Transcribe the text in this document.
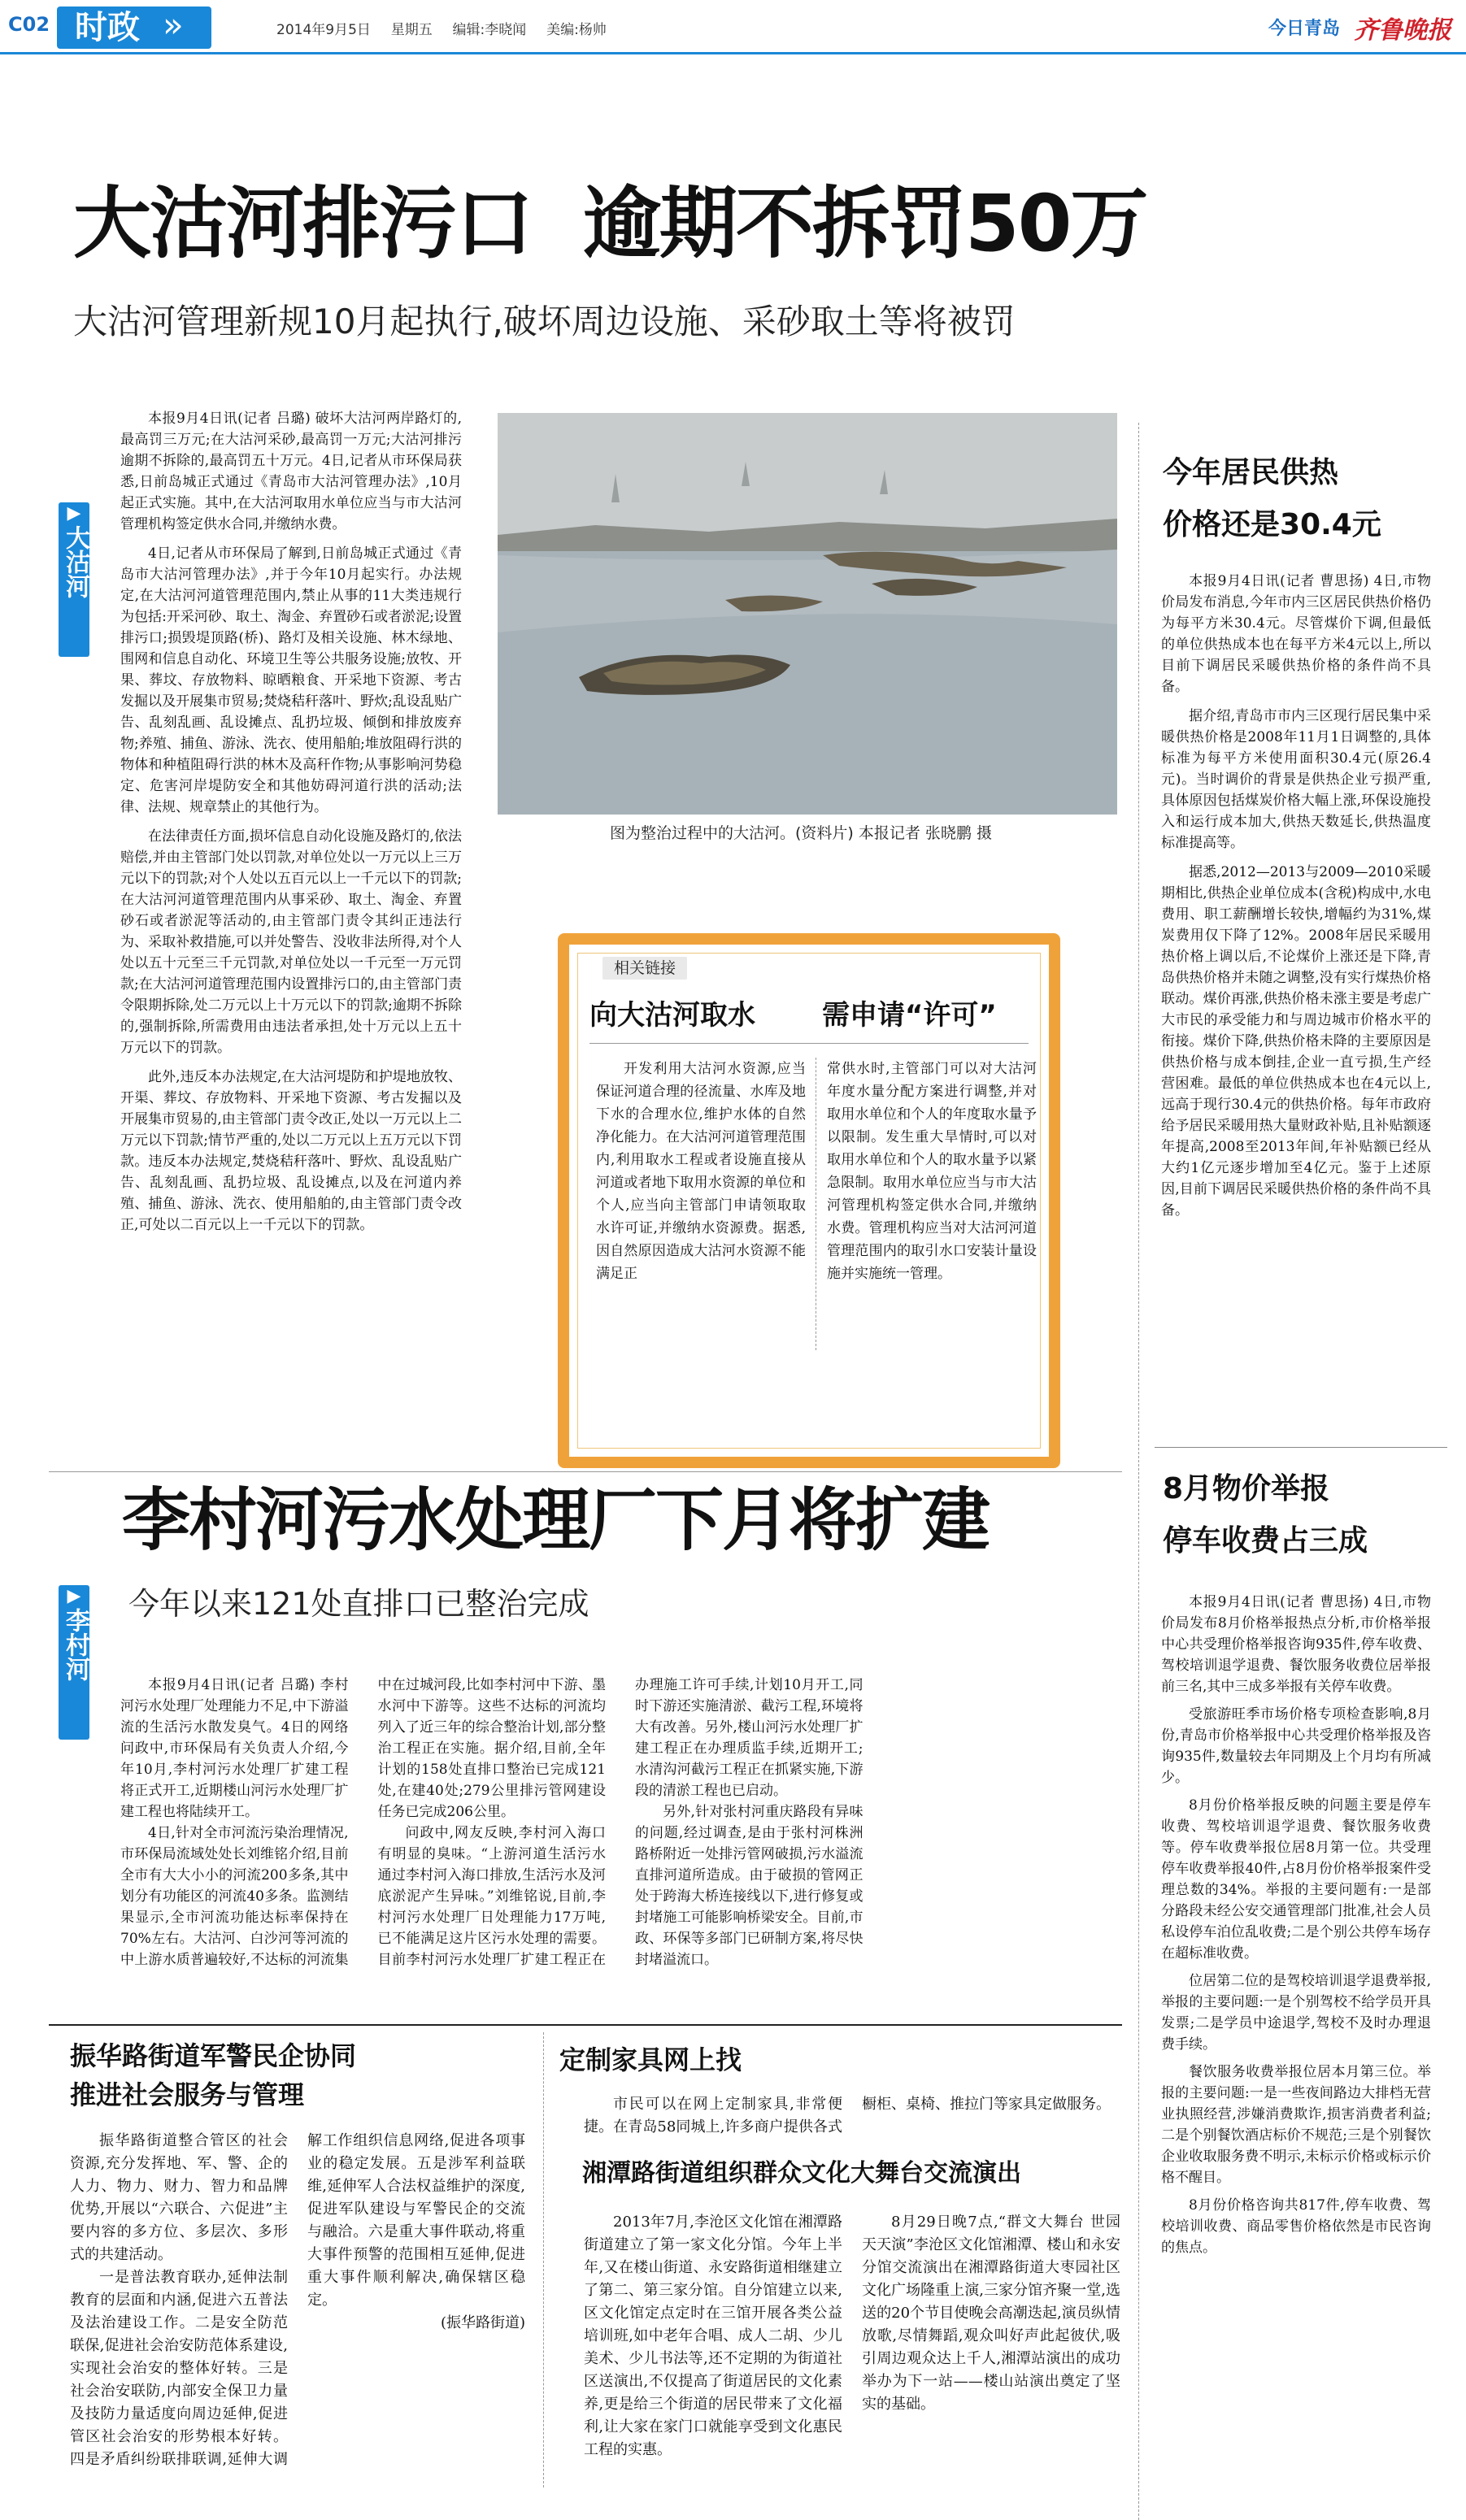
C02 时政 »	2014年9月5日 星期五 编辑:李晓闻 美编:杨帅	今日青岛 齐鲁晚报
大沽河排污口  逾期不拆罚50万
大沽河管理新规10月起执行,破坏周边设施、采砂取土等将被罚
▶
大沽河

本报9月4日讯(记者 吕璐) 破坏大沽河两岸路灯的,最高罚三万元;在大沽河采砂,最高罚一万元;大沽河排污逾期不拆除的,最高罚五十万元。4日,记者从市环保局获悉,日前岛城正式通过《青岛市大沽河管理办法》,10月起正式实施。其中,在大沽河取用水单位应当与市大沽河管理机构签定供水合同,并缴纳水费。

4日,记者从市环保局了解到,日前岛城正式通过《青岛市大沽河管理办法》,并于今年10月起实行。办法规定,在大沽河河道管理范围内,禁止从事的11大类违规行为包括:开采河砂、取土、淘金、弃置砂石或者淤泥;设置排污口;损毁堤顶路(桥)、路灯及相关设施、林木绿地、围网和信息自动化、环境卫生等公共服务设施;放牧、开果、葬坟、存放物料、晾晒粮食、开采地下资源、考古发掘以及开展集市贸易;焚烧秸秆落叶、野炊;乱设乱贴广告、乱刻乱画、乱设摊点、乱扔垃圾、倾倒和排放废弃物;养殖、捕鱼、游泳、洗衣、使用船舶;堆放阻碍行洪的物体和种植阻碍行洪的林木及高秆作物;从事影响河势稳定、危害河岸堤防安全和其他妨碍河道行洪的活动;法律、法规、规章禁止的其他行为。

在法律责任方面,损坏信息自动化设施及路灯的,依法赔偿,并由主管部门处以罚款,对单位处以一万元以上三万元以下的罚款;对个人处以五百元以上一千元以下的罚款;在大沽河河道管理范围内从事采砂、取土、淘金、弃置砂石或者淤泥等活动的,由主管部门责令其纠正违法行为、采取补救措施,可以并处警告、没收非法所得,对个人处以五十元至三千元罚款,对单位处以一千元至一万元罚款;在大沽河河道管理范围内设置排污口的,由主管部门责令限期拆除,处二万元以上十万元以下的罚款;逾期不拆除的,强制拆除,所需费用由违法者承担,处十万元以上五十万元以下的罚款。

此外,违反本办法规定,在大沽河堤防和护堤地放牧、开渠、葬坟、存放物料、开采地下资源、考古发掘以及开展集市贸易的,由主管部门责令改正,处以一万元以上二万元以下罚款;情节严重的,处以二万元以上五万元以下罚款。违反本办法规定,焚烧秸秆落叶、野炊、乱设乱贴广告、乱刻乱画、乱扔垃圾、乱设摊点,以及在河道内养殖、捕鱼、游泳、洗衣、使用船舶的,由主管部门责令改正,可处以二百元以上一千元以下的罚款。

图为整治过程中的大沽河。(资料片) 本报记者 张晓鹏 摄
相关链接
向大沽河取水 需申请“许可”

开发利用大沽河水资源,应当保证河道合理的径流量、水库及地下水的合理水位,维护水体的自然净化能力。在大沽河河道管理范围内,利用取水工程或者设施直接从河道或者地下取用水资源的单位和个人,应当向主管部门申请领取取水许可证,并缴纳水资源费。据悉,因自然原因造成大沽河水资源不能满足正

常供水时,主管部门可以对大沽河年度水量分配方案进行调整,并对取用水单位和个人的年度取水量予以限制。发生重大旱情时,可以对取用水单位和个人的取水量予以紧急限制。取用水单位应当与市大沽河管理机构签定供水合同,并缴纳水费。管理机构应当对大沽河河道管理范围内的取引水口安装计量设施并实施统一管理。

今年居民供热
价格还是30.4元

本报9月4日讯(记者 曹思扬) 4日,市物价局发布消息,今年市内三区居民供热价格仍为每平方米30.4元。尽管煤价下调,但最低的单位供热成本也在每平方米4元以上,所以目前下调居民采暖供热价格的条件尚不具备。

据介绍,青岛市市内三区现行居民集中采暖供热价格是2008年11月1日调整的,具体标准为每平方米使用面积30.4元(原26.4元)。当时调价的背景是供热企业亏损严重,具体原因包括煤炭价格大幅上涨,环保设施投入和运行成本加大,供热天数延长,供热温度标准提高等。

据悉,2012—2013与2009—2010采暖期相比,供热企业单位成本(含税)构成中,水电费用、职工薪酬增长较快,增幅约为31%,煤炭费用仅下降了12%。2008年居民采暖用热价格上调以后,不论煤价上涨还是下降,青岛供热价格并未随之调整,没有实行煤热价格联动。煤价再涨,供热价格未涨主要是考虑广大市民的承受能力和与周边城市价格水平的衔接。煤价下降,供热价格未降的主要原因是供热价格与成本倒挂,企业一直亏损,生产经营困难。最低的单位供热成本也在4元以上,远高于现行30.4元的供热价格。每年市政府给予居民采暖用热大量财政补贴,且补贴额逐年提高,2008至2013年间,年补贴额已经从大约1亿元逐步增加至4亿元。鉴于上述原因,目前下调居民采暖供热价格的条件尚不具备。

李村河污水处理厂下月将扩建
今年以来121处直排口已整治完成
▶
李村河

本报9月4日讯(记者 吕璐) 李村河污水处理厂处理能力不足,中下游溢流的生活污水散发臭气。4日的网络问政中,市环保局有关负责人介绍,今年10月,李村河污水处理厂扩建工程将正式开工,近期楼山河污水处理厂扩建工程也将陆续开工。

4日,针对全市河流污染治理情况,市环保局流域处处长刘维铭介绍,目前全市有大大小小的河流200多条,其中划分有功能区的河流40多条。监测结果显示,全市河流功能达标率保持在70%左右。大沽河、白沙河等河流的中上游水质普遍较好,不达标的河流集中在过城河段,比如李村河中下游、墨水河中下游等。这些不达标的河流均列入了近三年的综合整治计划,部分整治工程正在实施。据介绍,目前,全年计划的158处直排口整治已完成121处,在建40处;279公里排污管网建设任务已完成206公里。

问政中,网友反映,李村河入海口有明显的臭味。“上游河道生活污水通过李村河入海口排放,生活污水及河底淤泥产生异味。”刘维铭说,目前,李村河污水处理厂日处理能力17万吨,已不能满足这片区污水处理的需要。目前李村河污水处理厂扩建工程正在办理施工许可手续,计划10月开工,同时下游还实施清淤、截污工程,环境将大有改善。另外,楼山河污水处理厂扩建工程正在办理质监手续,近期开工;水清沟河截污工程正在抓紧实施,下游段的清淤工程也已启动。

另外,针对张村河重庆路段有异味的问题,经过调查,是由于张村河株洲路桥附近一处排污管网破损,污水溢流直排河道所造成。由于破损的管网正处于跨海大桥连接线以下,进行修复或封堵施工可能影响桥梁安全。目前,市政、环保等多部门已研制方案,将尽快封堵溢流口。

8月物价举报
停车收费占三成

本报9月4日讯(记者 曹思扬) 4日,市物价局发布8月价格举报热点分析,市价格举报中心共受理价格举报咨询935件,停车收费、驾校培训退学退费、餐饮服务收费位居举报前三名,其中三成多举报有关停车收费。

受旅游旺季市场价格专项检查影响,8月份,青岛市价格举报中心共受理价格举报及咨询935件,数量较去年同期及上个月均有所减少。

8月份价格举报反映的问题主要是停车收费、驾校培训退学退费、餐饮服务收费等。停车收费举报位居8月第一位。共受理停车收费举报40件,占8月份价格举报案件受理总数的34%。举报的主要问题有:一是部分路段未经公安交通管理部门批准,社会人员私设停车泊位乱收费;二是个别公共停车场存在超标准收费。

位居第二位的是驾校培训退学退费举报,举报的主要问题:一是个别驾校不给学员开具发票;二是学员中途退学,驾校不及时办理退费手续。

餐饮服务收费举报位居本月第三位。举报的主要问题:一是一些夜间路边大排档无营业执照经营,涉嫌消费欺诈,损害消费者利益;二是个别餐饮酒店标价不规范;三是个别餐饮企业收取服务费不明示,未标示价格或标示价格不醒目。

8月份价格咨询共817件,停车收费、驾校培训收费、商品零售价格依然是市民咨询的焦点。

振华路街道军警民企协同
推进社会服务与管理

振华路街道整合管区的社会资源,充分发挥地、军、警、企的人力、物力、财力、智力和品牌优势,开展以“六联合、六促进”主要内容的多方位、多层次、多形式的共建活动。

一是普法教育联办,延伸法制教育的层面和内涵,促进六五普法及法治建设工作。二是安全防范联保,促进社会治安防范体系建设,实现社会治安的整体好转。三是社会治安联防,内部安全保卫力量及技防力量适度向周边延伸,促进管区社会治安的形势根本好转。四是矛盾纠纷联排联调,延伸大调解工作组织信息网络,促进各项事业的稳定发展。五是涉军利益联维,延伸军人合法权益维护的深度,促进军队建设与军警民企的交流与融洽。六是重大事件联动,将重大事件预警的范围相互延伸,促进重大事件顺利解决,确保辖区稳定。

(振华路街道)

定制家具网上找

市民可以在网上定制家具,非常便捷。在青岛58同城上,许多商户提供各式橱柜、桌椅、推拉门等家具定做服务。

湘潭路街道组织群众文化大舞台交流演出

2013年7月,李沧区文化馆在湘潭路街道建立了第一家文化分馆。今年上半年,又在楼山街道、永安路街道相继建立了第二、第三家分馆。自分馆建立以来,区文化馆定点定时在三馆开展各类公益培训班,如中老年合唱、成人二胡、少儿美术、少儿书法等,还不定期的为街道社区送演出,不仅提高了街道居民的文化素养,更是给三个街道的居民带来了文化福利,让大家在家门口就能享受到文化惠民工程的实惠。

8月29日晚7点,“群文大舞台 世园天天演”李沧区文化馆湘潭、楼山和永安分馆交流演出在湘潭路街道大枣园社区文化广场隆重上演,三家分馆齐聚一堂,选送的20个节目使晚会高潮迭起,演员纵情放歌,尽情舞蹈,观众叫好声此起彼伏,吸引周边观众达上千人,湘潭站演出的成功举办为下一站——楼山站演出奠定了坚实的基础。
